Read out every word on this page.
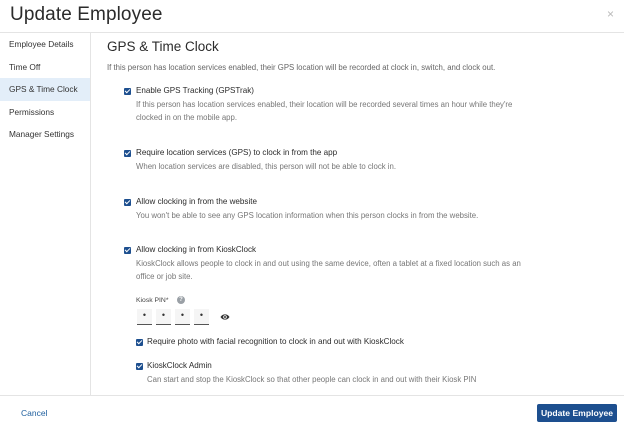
Update Employee	×
Employee Details
Time Off
GPS & Time Clock
Permissions
Manager Settings
GPS & Time Clock
If this person has location services enabled, their GPS location will be recorded at clock in, switch, and clock out.
Enable GPS Tracking (GPSTrak)
If this person has location services enabled, their location will be recorded several times an hour while they're
clocked in on the mobile app.
Require location services (GPS) to clock in from the app
When location services are disabled, this person will not be able to clock in.
Allow clocking in from the website
You won't be able to see any GPS location information when this person clocks in from the website.
Allow clocking in from KioskClock
KioskClock allows people to clock in and out using the same device, often a tablet at a fixed location such as an
office or job site.
Kiosk PIN*	?
•	•	•	•
Require photo with facial recognition to clock in and out with KioskClock
KioskClock Admin
Can start and stop the KioskClock so that other people can clock in and out with their Kiosk PIN
Cancel	Update Employee
